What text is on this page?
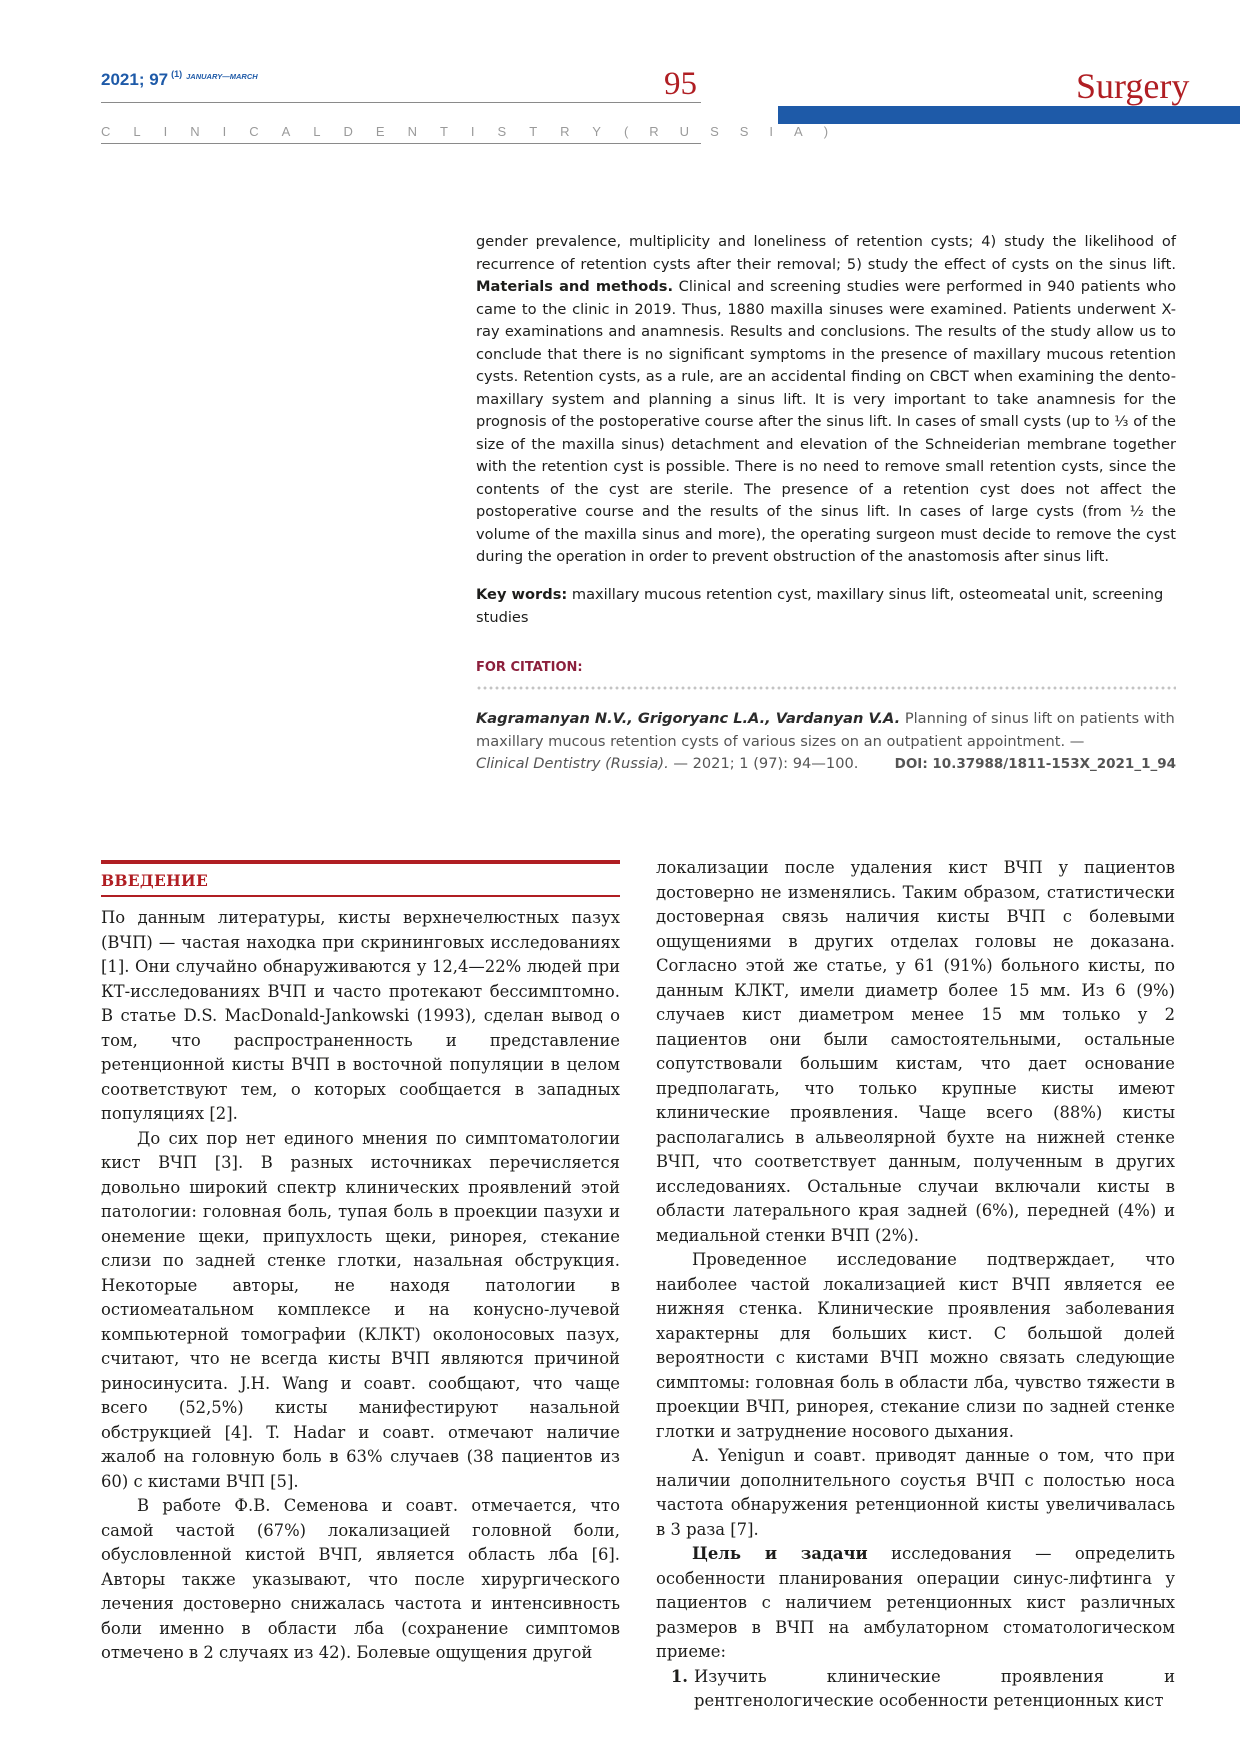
2021; 97 $^{(1)}$ $^{JANUARY—MARCH}$	95
CLINICAL DENTISTRY (RUSSIA)
Surgery
gender prevalence, multiplicity and loneliness of retention cysts; 4) study the likelihood of recurrence of retention cysts after their removal; 5) study the effect of cysts on the sinus lift. Materials and methods. Clinical and screening studies were performed in 940 patients who came to the clinic in 2019. Thus, 1880 maxilla sinuses were examined. Patients underwent X-ray examinations and anamnesis. Results and conclusions. The results of the study allow us to conclude that there is no significant symptoms in the presence of maxillary mucous retention cysts. Retention cysts, as a rule, are an accidental finding on CBCT when examining the dento-maxillary system and planning a sinus lift. It is very important to take anamnesis for the prognosis of the postoperative course after the sinus lift. In cases of small cysts (up to ⅓ of the size of the maxilla sinus) detachment and elevation of the Schneiderian membrane together with the retention cyst is possible. There is no need to remove small retention cysts, since the contents of the cyst are sterile. The presence of a retention cyst does not affect the postoperative course and the results of the sinus lift. In cases of large cysts (from ½ the volume of the maxilla sinus and more), the operating surgeon must decide to remove the cyst during the operation in order to prevent obstruction of the anastomosis after sinus lift.
Key words: maxillary mucous retention cyst, maxillary sinus lift, osteomeatal unit, screening studies
FOR CITATION:
Kagramanyan N.V., Grigoryanc L.A., Vardanyan V.A. Planning of sinus lift on patients with maxillary mucous retention cysts of various sizes on an outpatient appointment. —
Clinical Dentistry (Russia). — 2021; 1 (97): 94—100.	DOI: 10.37988/1811-153X_2021_1_94
ВВЕДЕНИЕ

По данным литературы, кисты верхнечелюстных пазух (ВЧП) — частая находка при скрининговых исследованиях [1]. Они случайно обнаруживаются у 12,4—22% людей при КТ-исследованиях ВЧП и часто протекают бессимптомно. В статье D.S. MacDonald-Jankowski (1993), сделан вывод о том, что распространенность и представление ретенционной кисты ВЧП в восточной популяции в целом соответствуют тем, о которых сообщается в западных популяциях [2].

До сих пор нет единого мнения по симптоматологии кист ВЧП [3]. В разных источниках перечисляется довольно широкий спектр клинических проявлений этой патологии: головная боль, тупая боль в проекции пазухи и онемение щеки, припухлость щеки, ринорея, стекание слизи по задней стенке глотки, назальная обструкция. Некоторые авторы, не находя патологии в остиомеатальном комплексе и на конусно-лучевой компьютерной томографии (КЛКТ) околоносовых пазух, считают, что не всегда кисты ВЧП являются причиной риносинусита. J.H. Wang и соавт. сообщают, что чаще всего (52,5%) кисты манифестируют назальной обструкцией [4]. T. Hadar и соавт. отмечают наличие жалоб на головную боль в 63% случаев (38 пациентов из 60) с кистами ВЧП [5].

В работе Ф.В. Семенова и соавт. отмечается, что самой частой (67%) локализацией головной боли, обусловленной кистой ВЧП, является область лба [6]. Авторы также указывают, что после хирургического лечения достоверно снижалась частота и интенсивность боли именно в области лба (сохранение симптомов отмечено в 2 случаях из 42). Болевые ощущения другой

локализации после удаления кист ВЧП у пациентов достоверно не изменялись. Таким образом, статистически достоверная связь наличия кисты ВЧП с болевыми ощущениями в других отделах головы не доказана. Согласно этой же статье, у 61 (91%) больного кисты, по данным КЛКТ, имели диаметр более 15 мм. Из 6 (9%) случаев кист диаметром менее 15 мм только у 2 пациентов они были самостоятельными, остальные сопутствовали большим кистам, что дает основание предполагать, что только крупные кисты имеют клинические проявления. Чаще всего (88%) кисты располагались в альвеолярной бухте на нижней стенке ВЧП, что соответствует данным, полученным в других исследованиях. Остальные случаи включали кисты в области латерального края задней (6%), передней (4%) и медиальной стенки ВЧП (2%).

Проведенное исследование подтверждает, что наиболее частой локализацией кист ВЧП является ее нижняя стенка. Клинические проявления заболевания характерны для больших кист. С большой долей вероятности с кистами ВЧП можно связать следующие симптомы: головная боль в области лба, чувство тяжести в проекции ВЧП, ринорея, стекание слизи по задней стенке глотки и затруднение носового дыхания.

A. Yenigun и соавт. приводят данные о том, что при наличии дополнительного соустья ВЧП с полостью носа частота обнаружения ретенционной кисты увеличивалась в 3 раза [7].

Цель и задачи исследования — определить особенности планирования операции синус-лифтинга у пациентов с наличием ретенционных кист различных размеров в ВЧП на амбулаторном стоматологическом приеме:

1. Изучить клинические проявления и рентгенологические особенности ретенционных кист
